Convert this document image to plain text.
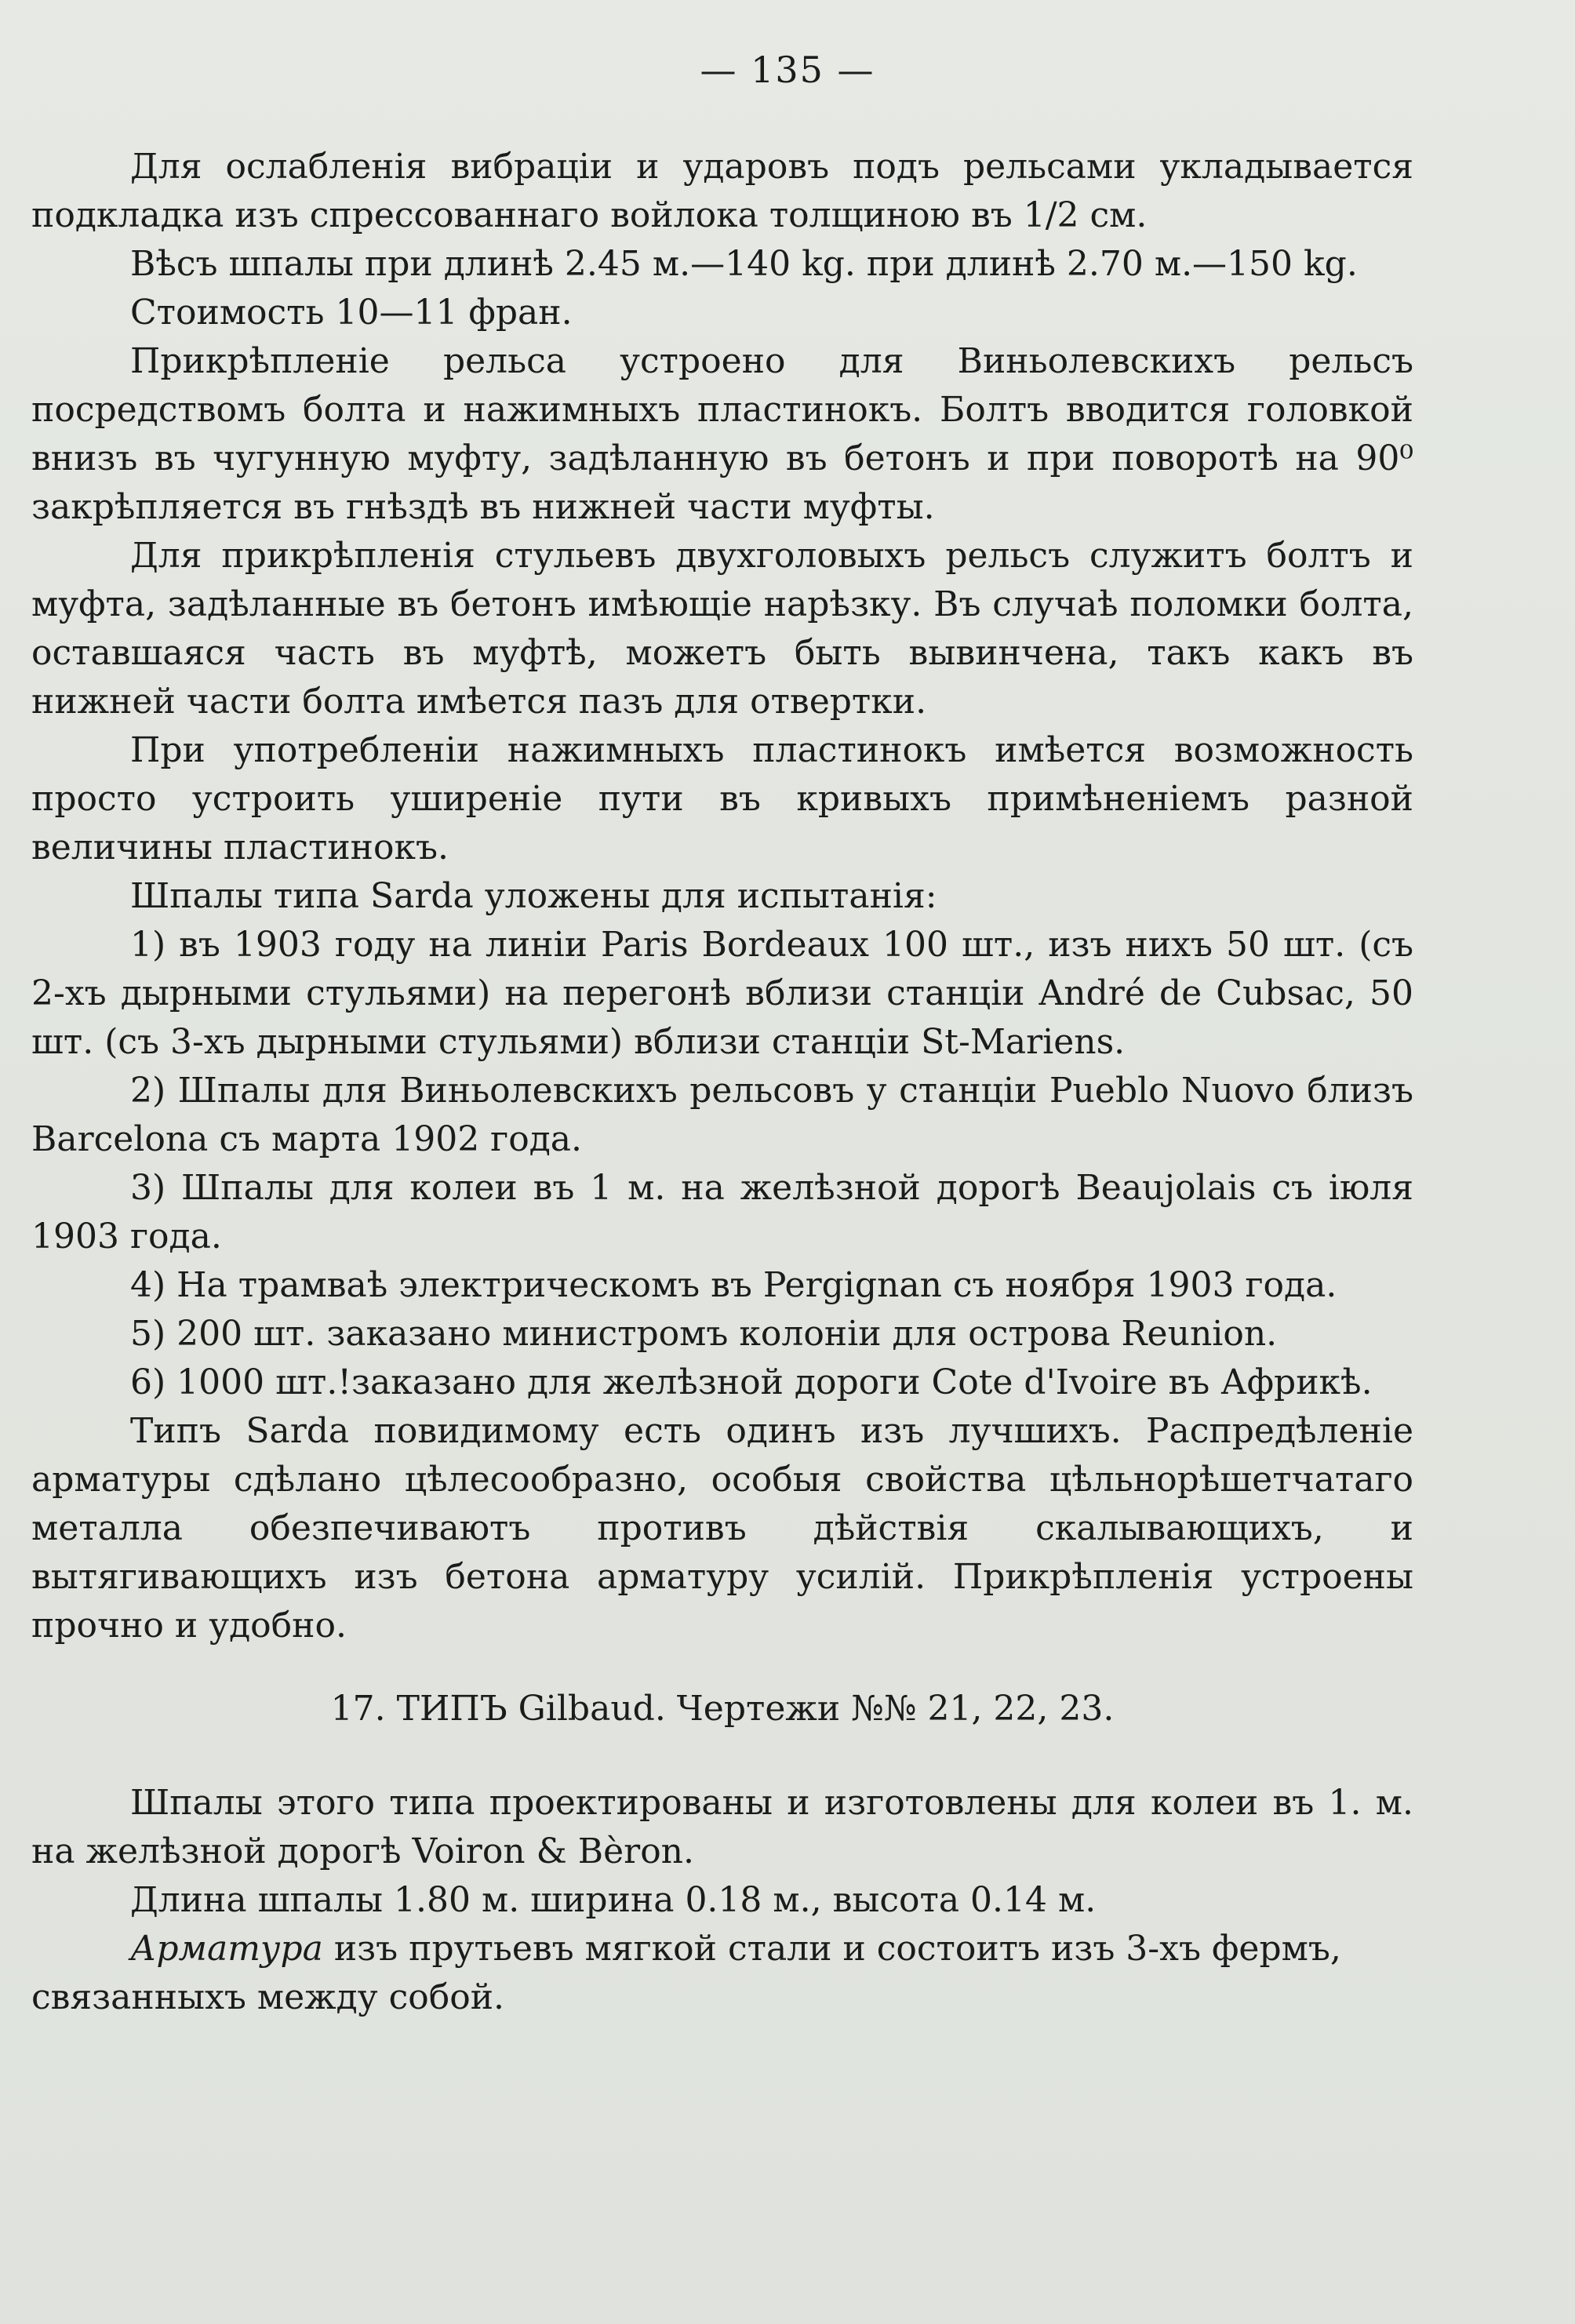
— 135 —

Для ослабленія вибраціи и ударовъ подъ рельсами укладывается подкладка изъ спрессованнаго войлока толщиною въ 1/2 см.

Вѣсъ шпалы при длинѣ 2.45 м.—140 kg. при длинѣ 2.70 м.—150 kg.

Стоимость 10—11 фран.

Прикрѣпленіе рельса устроено для Виньолевскихъ рельсъ посредствомъ болта и нажимныхъ пластинокъ. Болтъ вводится головкой внизъ въ чугунную муфту, задѣланную въ бетонъ и при поворотѣ на 90⁰ закрѣпляется въ гнѣздѣ въ нижней части муфты.

Для прикрѣпленія стульевъ двухголовыхъ рельсъ служитъ болтъ и муфта, задѣланные въ бетонъ имѣющіе нарѣзку. Въ случаѣ поломки болта, оставшаяся часть въ муфтѣ, можетъ быть вывинчена, такъ какъ въ нижней части болта имѣется пазъ для отвертки.

При употребленіи нажимныхъ пластинокъ имѣется возможность просто устроить уширеніе пути въ кривыхъ примѣненіемъ разной величины пластинокъ.

Шпалы типа Sarda уложены для испытанія:

1) въ 1903 году на линіи Paris Bordeaux 100 шт., изъ нихъ 50 шт. (съ 2-хъ дырными стульями) на перегонѣ вблизи станціи André de Cubsac, 50 шт. (съ 3-хъ дырными стульями) вблизи станціи St-Mariens.

2) Шпалы для Виньолевскихъ рельсовъ у станціи Pueblo Nuovo близъ Barcelona съ марта 1902 года.

3) Шпалы для колеи въ 1 м. на желѣзной дорогѣ Beaujolais съ іюля 1903 года.

4) На трамваѣ электрическомъ въ Pergignan съ ноября 1903 года.

5) 200 шт. заказано министромъ колоніи для острова Reunion.

6) 1000 шт.!заказано для желѣзной дороги Cote d'Ivoire въ Африкѣ.

Типъ Sarda повидимому есть одинъ изъ лучшихъ. Распредѣленіе арматуры сдѣлано цѣлесообразно, особыя свойства цѣльнорѣшетчатаго металла обезпечиваютъ противъ дѣйствія скалывающихъ, и вытягивающихъ изъ бетона арматуру усилій. Прикрѣпленія устроены прочно и удобно.

17. ТИПЪ Gilbaud. Чертежи №№ 21, 22, 23.

Шпалы этого типа проектированы и изготовлены для колеи въ 1. м. на желѣзной дорогѣ Voiron & Bèron.

Длина шпалы 1.80 м. ширина 0.18 м., высота 0.14 м.

Арматура изъ прутьевъ мягкой стали и состоитъ изъ 3-хъ фермъ, связанныхъ между собой.
